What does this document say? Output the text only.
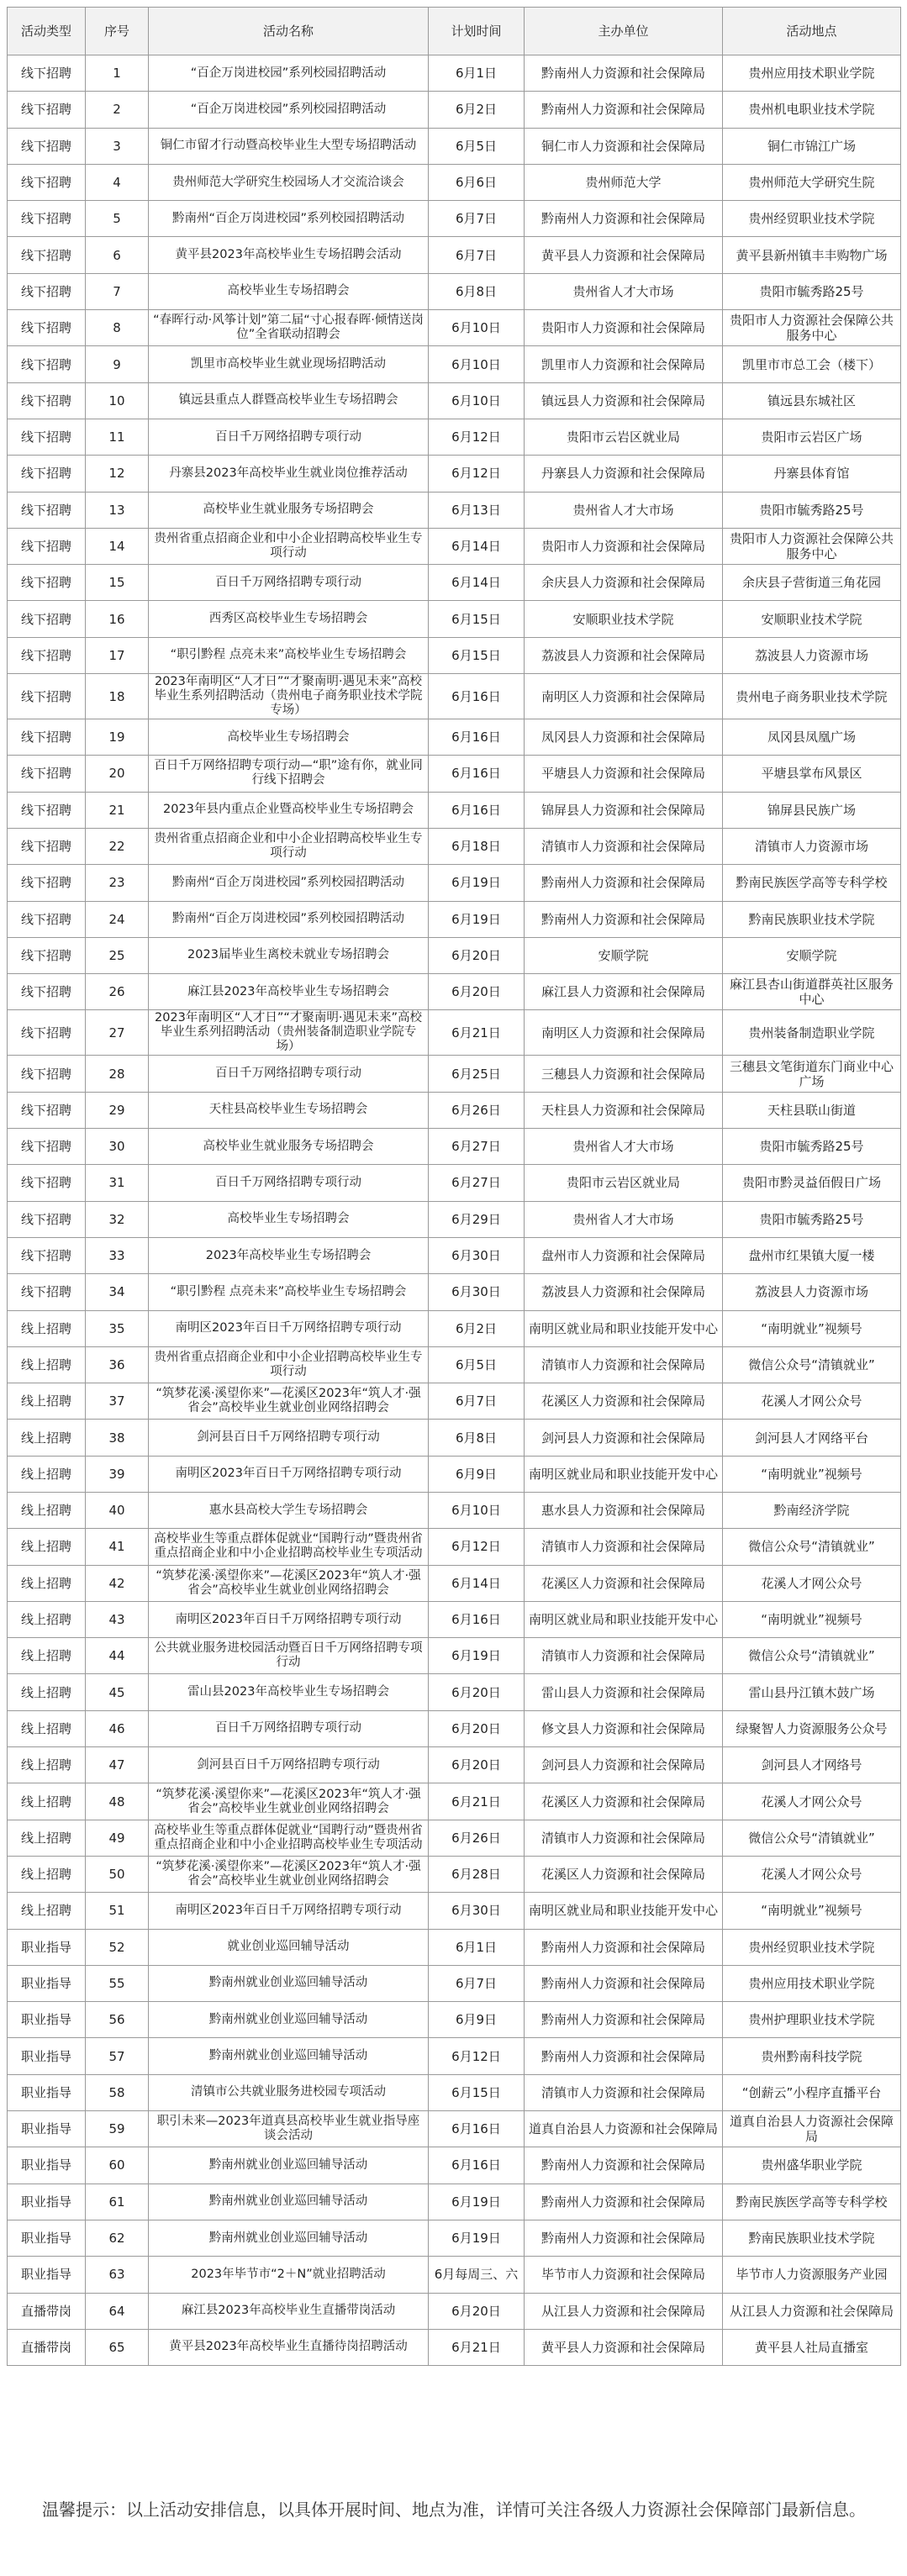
活动类型	序号	活动名称	计划时间	主办单位	活动地点
线下招聘	1	“百企万岗进校园”系列校园招聘活动	6月1日	黔南州人力资源和社会保障局	贵州应用技术职业学院
线下招聘	2	“百企万岗进校园”系列校园招聘活动	6月2日	黔南州人力资源和社会保障局	贵州机电职业技术学院
线下招聘	3	铜仁市留才行动暨高校毕业生大型专场招聘活动	6月5日	铜仁市人力资源和社会保障局	铜仁市锦江广场
线下招聘	4	贵州师范大学研究生校园场人才交流洽谈会	6月6日	贵州师范大学	贵州师范大学研究生院
线下招聘	5	黔南州“百企万岗进校园”系列校园招聘活动	6月7日	黔南州人力资源和社会保障局	贵州经贸职业技术学院
线下招聘	6	黄平县2023年高校毕业生专场招聘会活动	6月7日	黄平县人力资源和社会保障局	黄平县新州镇丰丰购物广场
线下招聘	7	高校毕业生专场招聘会	6月8日	贵州省人才大市场	贵阳市毓秀路25号
线下招聘	8	“春晖行动·风筝计划”第二届“寸心报春晖·倾情送岗位”全省联动招聘会	6月10日	贵阳市人力资源和社会保障局	贵阳市人力资源社会保障公共服务中心
线下招聘	9	凯里市高校毕业生就业现场招聘活动	6月10日	凯里市人力资源和社会保障局	凯里市市总工会（楼下）
线下招聘	10	镇远县重点人群暨高校毕业生专场招聘会	6月10日	镇远县人力资源和社会保障局	镇远县东城社区
线下招聘	11	百日千万网络招聘专项行动	6月12日	贵阳市云岩区就业局	贵阳市云岩区广场
线下招聘	12	丹寨县2023年高校毕业生就业岗位推荐活动	6月12日	丹寨县人力资源和社会保障局	丹寨县体育馆
线下招聘	13	高校毕业生就业服务专场招聘会	6月13日	贵州省人才大市场	贵阳市毓秀路25号
线下招聘	14	贵州省重点招商企业和中小企业招聘高校毕业生专项行动	6月14日	贵阳市人力资源和社会保障局	贵阳市人力资源社会保障公共服务中心
线下招聘	15	百日千万网络招聘专项行动	6月14日	余庆县人力资源和社会保障局	余庆县子营街道三角花园
线下招聘	16	西秀区高校毕业生专场招聘会	6月15日	安顺职业技术学院	安顺职业技术学院
线下招聘	17	“职引黔程 点亮未来”高校毕业生专场招聘会	6月15日	荔波县人力资源和社会保障局	荔波县人力资源市场
线下招聘	18	2023年南明区“人才日”“才聚南明·遇见未来”高校毕业生系列招聘活动（贵州电子商务职业技术学院专场）	6月16日	南明区人力资源和社会保障局	贵州电子商务职业技术学院
线下招聘	19	高校毕业生专场招聘会	6月16日	凤冈县人力资源和社会保障局	凤冈县凤凰广场
线下招聘	20	百日千万网络招聘专项行动—“职”途有你，就业同行线下招聘会	6月16日	平塘县人力资源和社会保障局	平塘县掌布风景区
线下招聘	21	2023年县内重点企业暨高校毕业生专场招聘会	6月16日	锦屏县人力资源和社会保障局	锦屏县民族广场
线下招聘	22	贵州省重点招商企业和中小企业招聘高校毕业生专项行动	6月18日	清镇市人力资源和社会保障局	清镇市人力资源市场
线下招聘	23	黔南州“百企万岗进校园”系列校园招聘活动	6月19日	黔南州人力资源和社会保障局	黔南民族医学高等专科学校
线下招聘	24	黔南州“百企万岗进校园”系列校园招聘活动	6月19日	黔南州人力资源和社会保障局	黔南民族职业技术学院
线下招聘	25	2023届毕业生离校未就业专场招聘会	6月20日	安顺学院	安顺学院
线下招聘	26	麻江县2023年高校毕业生专场招聘会	6月20日	麻江县人力资源和社会保障局	麻江县杏山街道群英社区服务中心
线下招聘	27	2023年南明区“人才日”“才聚南明·遇见未来”高校毕业生系列招聘活动（贵州装备制造职业学院专场）	6月21日	南明区人力资源和社会保障局	贵州装备制造职业学院
线下招聘	28	百日千万网络招聘专项行动	6月25日	三穗县人力资源和社会保障局	三穗县文笔街道东门商业中心广场
线下招聘	29	天柱县高校毕业生专场招聘会	6月26日	天柱县人力资源和社会保障局	天柱县联山街道
线下招聘	30	高校毕业生就业服务专场招聘会	6月27日	贵州省人才大市场	贵阳市毓秀路25号
线下招聘	31	百日千万网络招聘专项行动	6月27日	贵阳市云岩区就业局	贵阳市黔灵益佰假日广场
线下招聘	32	高校毕业生专场招聘会	6月29日	贵州省人才大市场	贵阳市毓秀路25号
线下招聘	33	2023年高校毕业生专场招聘会	6月30日	盘州市人力资源和社会保障局	盘州市红果镇大厦一楼
线下招聘	34	“职引黔程 点亮未来”高校毕业生专场招聘会	6月30日	荔波县人力资源和社会保障局	荔波县人力资源市场
线上招聘	35	南明区2023年百日千万网络招聘专项行动	6月2日	南明区就业局和职业技能开发中心	“南明就业”视频号
线上招聘	36	贵州省重点招商企业和中小企业招聘高校毕业生专项行动	6月5日	清镇市人力资源和社会保障局	微信公众号“清镇就业”
线上招聘	37	“筑梦花溪·溪望你来”—花溪区2023年“筑人才·强省会”高校毕业生就业创业网络招聘会	6月7日	花溪区人力资源和社会保障局	花溪人才网公众号
线上招聘	38	剑河县百日千万网络招聘专项行动	6月8日	剑河县人力资源和社会保障局	剑河县人才网络平台
线上招聘	39	南明区2023年百日千万网络招聘专项行动	6月9日	南明区就业局和职业技能开发中心	“南明就业”视频号
线上招聘	40	惠水县高校大学生专场招聘会	6月10日	惠水县人力资源和社会保障局	黔南经济学院
线上招聘	41	高校毕业生等重点群体促就业“国聘行动”暨贵州省重点招商企业和中小企业招聘高校毕业生专项活动	6月12日	清镇市人力资源和社会保障局	微信公众号“清镇就业”
线上招聘	42	“筑梦花溪·溪望你来”—花溪区2023年“筑人才·强省会”高校毕业生就业创业网络招聘会	6月14日	花溪区人力资源和社会保障局	花溪人才网公众号
线上招聘	43	南明区2023年百日千万网络招聘专项行动	6月16日	南明区就业局和职业技能开发中心	“南明就业”视频号
线上招聘	44	公共就业服务进校园活动暨百日千万网络招聘专项行动	6月19日	清镇市人力资源和社会保障局	微信公众号“清镇就业”
线上招聘	45	雷山县2023年高校毕业生专场招聘会	6月20日	雷山县人力资源和社会保障局	雷山县丹江镇木鼓广场
线上招聘	46	百日千万网络招聘专项行动	6月20日	修文县人力资源和社会保障局	绿聚智人力资源服务公众号
线上招聘	47	剑河县百日千万网络招聘专项行动	6月20日	剑河县人力资源和社会保障局	剑河县人才网络号
线上招聘	48	“筑梦花溪·溪望你来”—花溪区2023年“筑人才·强省会”高校毕业生就业创业网络招聘会	6月21日	花溪区人力资源和社会保障局	花溪人才网公众号
线上招聘	49	高校毕业生等重点群体促就业“国聘行动”暨贵州省重点招商企业和中小企业招聘高校毕业生专项活动	6月26日	清镇市人力资源和社会保障局	微信公众号“清镇就业”
线上招聘	50	“筑梦花溪·溪望你来”—花溪区2023年“筑人才·强省会”高校毕业生就业创业网络招聘会	6月28日	花溪区人力资源和社会保障局	花溪人才网公众号
线上招聘	51	南明区2023年百日千万网络招聘专项行动	6月30日	南明区就业局和职业技能开发中心	“南明就业”视频号
职业指导	52	就业创业巡回辅导活动	6月1日	黔南州人力资源和社会保障局	贵州经贸职业技术学院
职业指导	55	黔南州就业创业巡回辅导活动	6月7日	黔南州人力资源和社会保障局	贵州应用技术职业学院
职业指导	56	黔南州就业创业巡回辅导活动	6月9日	黔南州人力资源和社会保障局	贵州护理职业技术学院
职业指导	57	黔南州就业创业巡回辅导活动	6月12日	黔南州人力资源和社会保障局	贵州黔南科技学院
职业指导	58	清镇市公共就业服务进校园专项活动	6月15日	清镇市人力资源和社会保障局	“创薪云”小程序直播平台
职业指导	59	职引未来—2023年道真县高校毕业生就业指导座谈会活动	6月16日	道真自治县人力资源和社会保障局	道真自治县人力资源社会保障局
职业指导	60	黔南州就业创业巡回辅导活动	6月16日	黔南州人力资源和社会保障局	贵州盛华职业学院
职业指导	61	黔南州就业创业巡回辅导活动	6月19日	黔南州人力资源和社会保障局	黔南民族医学高等专科学校
职业指导	62	黔南州就业创业巡回辅导活动	6月19日	黔南州人力资源和社会保障局	黔南民族职业技术学院
职业指导	63	2023年毕节市“2＋N”就业招聘活动	6月每周三、六	毕节市人力资源和社会保障局	毕节市人力资源服务产业园
直播带岗	64	麻江县2023年高校毕业生直播带岗活动	6月20日	从江县人力资源和社会保障局	从江县人力资源和社会保障局
直播带岗	65	黄平县2023年高校毕业生直播待岗招聘活动	6月21日	黄平县人力资源和社会保障局	黄平县人社局直播室
温馨提示：以上活动安排信息，以具体开展时间、地点为准，详情可关注各级人力资源社会保障部门最新信息。
